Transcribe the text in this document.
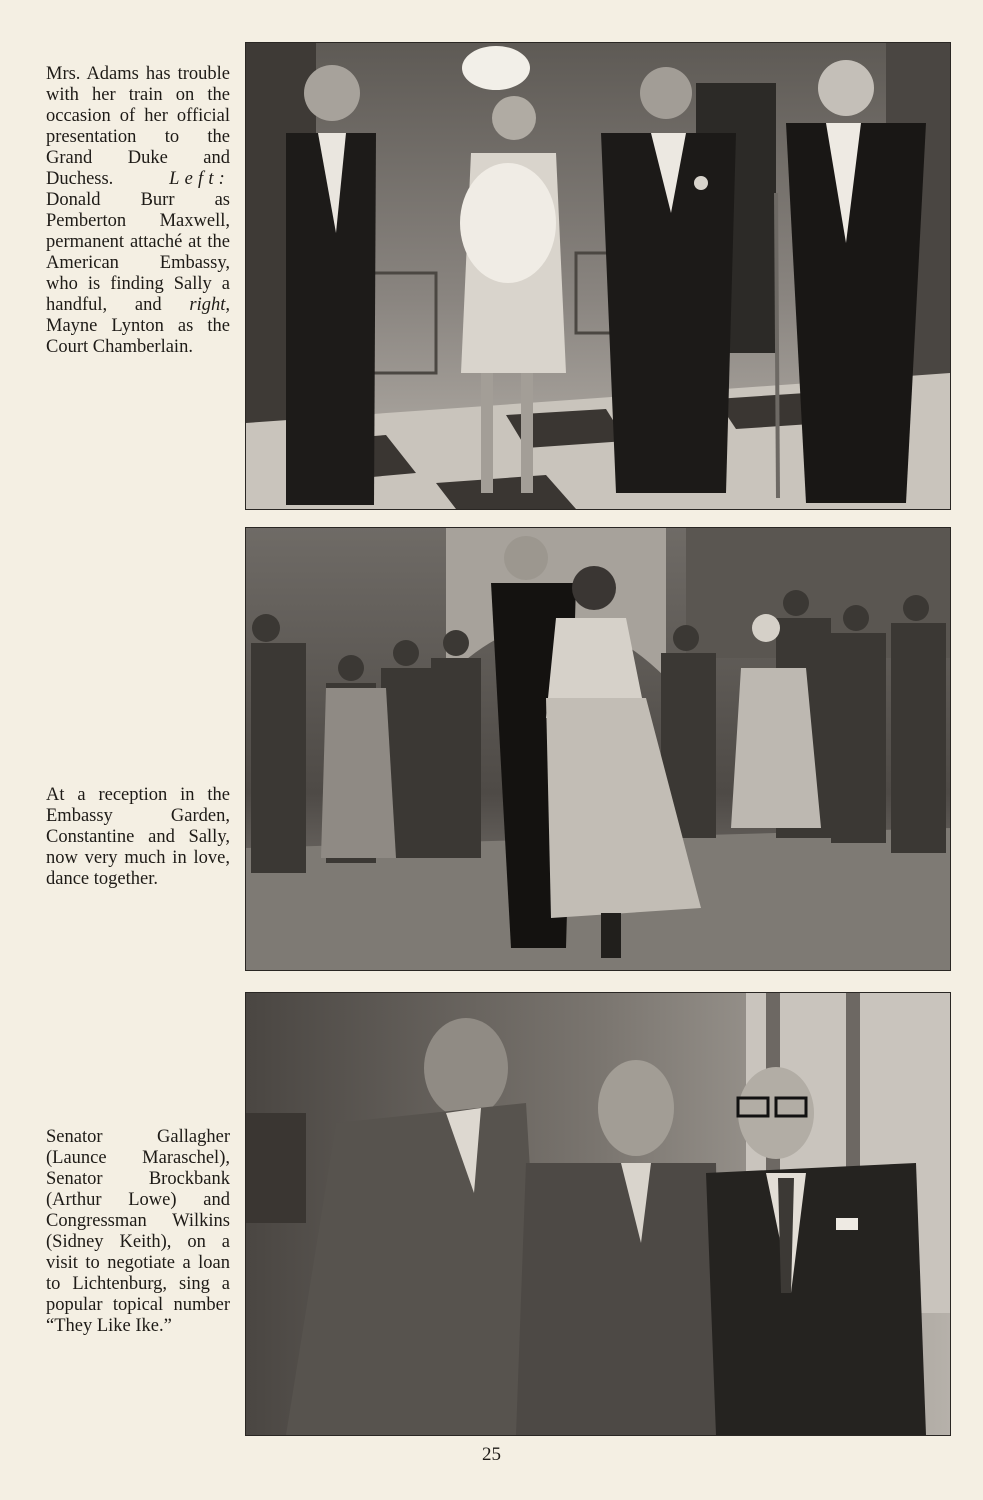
Mrs. Adams has trouble with her train on the occasion of her official presentation to the Grand Duke and Duchess.	Left: Donald Burr as Pemberton Maxwell, permanent attaché at the American Embassy, who is finding Sally a handful, and right, Mayne Lynton as the Court Chamberlain.

At a reception in the Embassy Garden, Constantine and Sally, now very much in love, dance together.

Senator Gallagher (Launce Maraschel), Senator Brockbank (Arthur Lowe) and Congressman Wilkins (Sidney Keith), on a visit to negotiate a loan to Lichtenburg, sing a popular topical number “They Like Ike.”

25
